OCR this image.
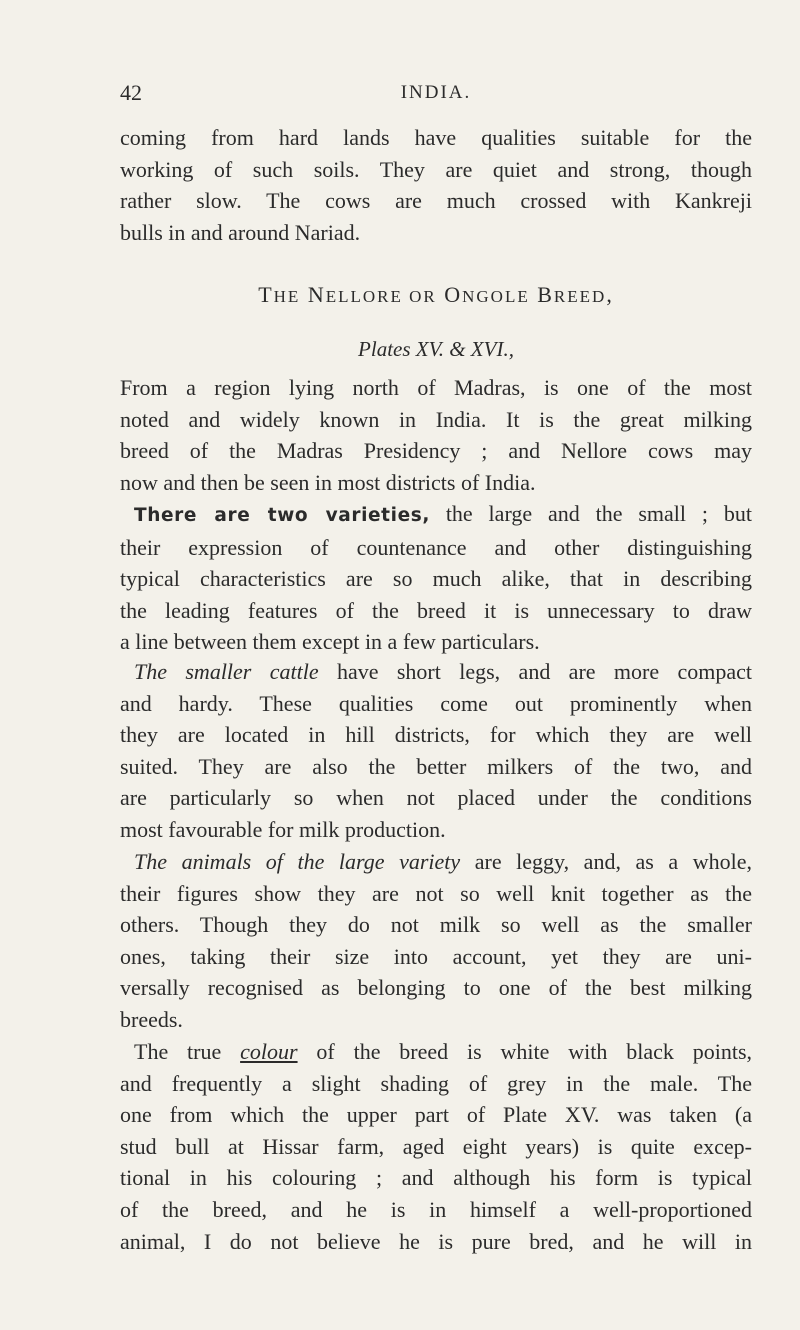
42	INDIA.

coming from hard lands have qualities suitable for the
working of such soils. They are quiet and strong, though
rather slow. The cows are much crossed with Kankreji
bulls in and around Nariad.

THE NELLORE OR ONGOLE BREED,

Plates XV. & XVI.,

From a region lying north of Madras, is one of the most
noted and widely known in India. It is the great milking
breed of the Madras Presidency ; and Nellore cows may
now and then be seen in most districts of India.

There are two varieties, the large and the small ; but
their expression of countenance and other distinguishing
typical characteristics are so much alike, that in describing
the leading features of the breed it is unnecessary to draw
a line between them except in a few particulars.

The smaller cattle have short legs, and are more compact
and hardy. These qualities come out prominently when
they are located in hill districts, for which they are well
suited. They are also the better milkers of the two, and
are particularly so when not placed under the conditions
most favourable for milk production.

The animals of the large variety are leggy, and, as a whole,
their figures show they are not so well knit together as the
others. Though they do not milk so well as the smaller
ones, taking their size into account, yet they are uni-
versally recognised as belonging to one of the best milking
breeds.

The true colour of the breed is white with black points,
and frequently a slight shading of grey in the male. The
one from which the upper part of Plate XV. was taken (a
stud bull at Hissar farm, aged eight years) is quite excep-
tional in his colouring ; and although his form is typical
of the breed, and he is in himself a well-proportioned
animal, I do not believe he is pure bred, and he will in
